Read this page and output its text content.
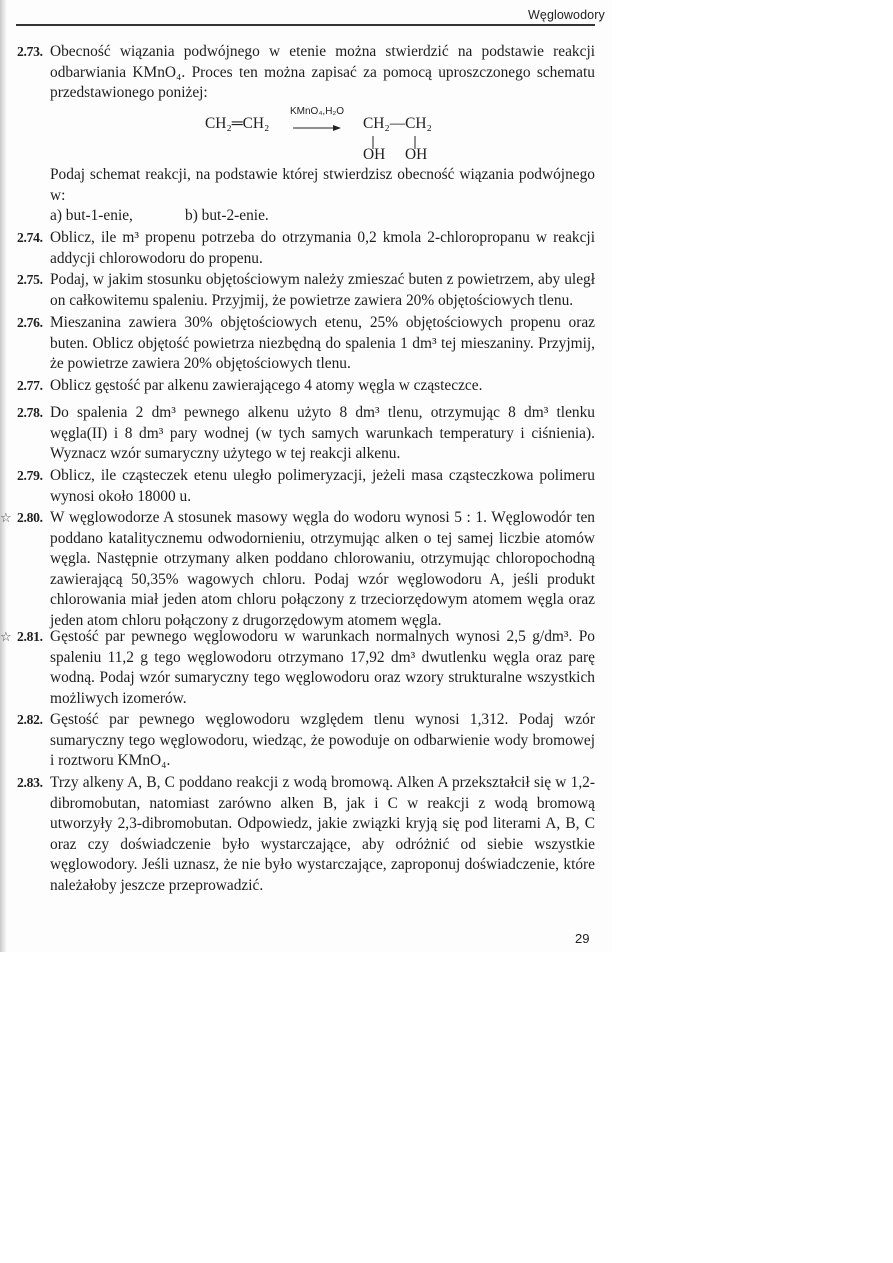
Węglowodory
2.73. Obecność wiązania podwójnego w etenie można stwierdzić na podstawie reakcji odbarwiania KMnO₄. Proces ten można zapisać za pomocą uproszczonego schematu przedstawionego poniżej:
CH₂═CH₂
KMnO₄,H₂O
→ CH₂—CH₂
OH OH
Podaj schemat reakcji, na podstawie której stwierdzisz obecność wiązania podwójnego w:
a) but-1-enie,	b) but-2-enie.
2.74. Oblicz, ile m³ propenu potrzeba do otrzymania 0,2 kmola 2-chloropropanu w reakcji addycji chlorowodoru do propenu.
2.75. Podaj, w jakim stosunku objętościowym należy zmieszać buten z powietrzem, aby uległ on całkowitemu spaleniu. Przyjmij, że powietrze zawiera 20% objętościowych tlenu.
2.76. Mieszanina zawiera 30% objętościowych etenu, 25% objętościowych propenu oraz buten. Oblicz objętość powietrza niezbędną do spalenia 1 dm³ tej mieszaniny. Przyjmij, że powietrze zawiera 20% objętościowych tlenu.
2.77. Oblicz gęstość par alkenu zawierającego 4 atomy węgla w cząsteczce.
2.78. Do spalenia 2 dm³ pewnego alkenu użyto 8 dm³ tlenu, otrzymując 8 dm³ tlenku węgla(II) i 8 dm³ pary wodnej (w tych samych warunkach temperatury i ciśnienia). Wyznacz wzór sumaryczny użytego w tej reakcji alkenu.
2.79. Oblicz, ile cząsteczek etenu uległo polimeryzacji, jeżeli masa cząsteczkowa polimeru wynosi około 18000 u.
☆ 2.80. W węglowodorze A stosunek masowy węgla do wodoru wynosi 5 : 1. Węglowodór ten poddano katalitycznemu odwodornieniu, otrzymując alken o tej samej liczbie atomów węgla. Następnie otrzymany alken poddano chlorowaniu, otrzymując chloropochodną zawierającą 50,35% wagowych chloru. Podaj wzór węglowodoru A, jeśli produkt chlorowania miał jeden atom chloru połączony z trzeciorzędowym atomem węgla oraz jeden atom chloru połączony z drugorzędowym atomem węgla.
☆ 2.81. Gęstość par pewnego węglowodoru w warunkach normalnych wynosi 2,5 g/dm³. Po spaleniu 11,2 g tego węglowodoru otrzymano 17,92 dm³ dwutlenku węgla oraz parę wodną. Podaj wzór sumaryczny tego węglowodoru oraz wzory strukturalne wszystkich możliwych izomerów.
2.82. Gęstość par pewnego węglowodoru względem tlenu wynosi 1,312. Podaj wzór sumaryczny tego węglowodoru, wiedząc, że powoduje on odbarwienie wody bromowej i roztworu KMnO₄.
2.83. Trzy alkeny A, B, C poddano reakcji z wodą bromową. Alken A przekształcił się w 1,2-dibromobutan, natomiast zarówno alken B, jak i C w reakcji z wodą bromową utworzyły 2,3-dibromobutan. Odpowiedz, jakie związki kryją się pod literami A, B, C oraz czy doświadczenie było wystarczające, aby odróżnić od siebie wszystkie węglowodory. Jeśli uznasz, że nie było wystarczające, zaproponuj doświadczenie, które należałoby jeszcze przeprowadzić.
29
